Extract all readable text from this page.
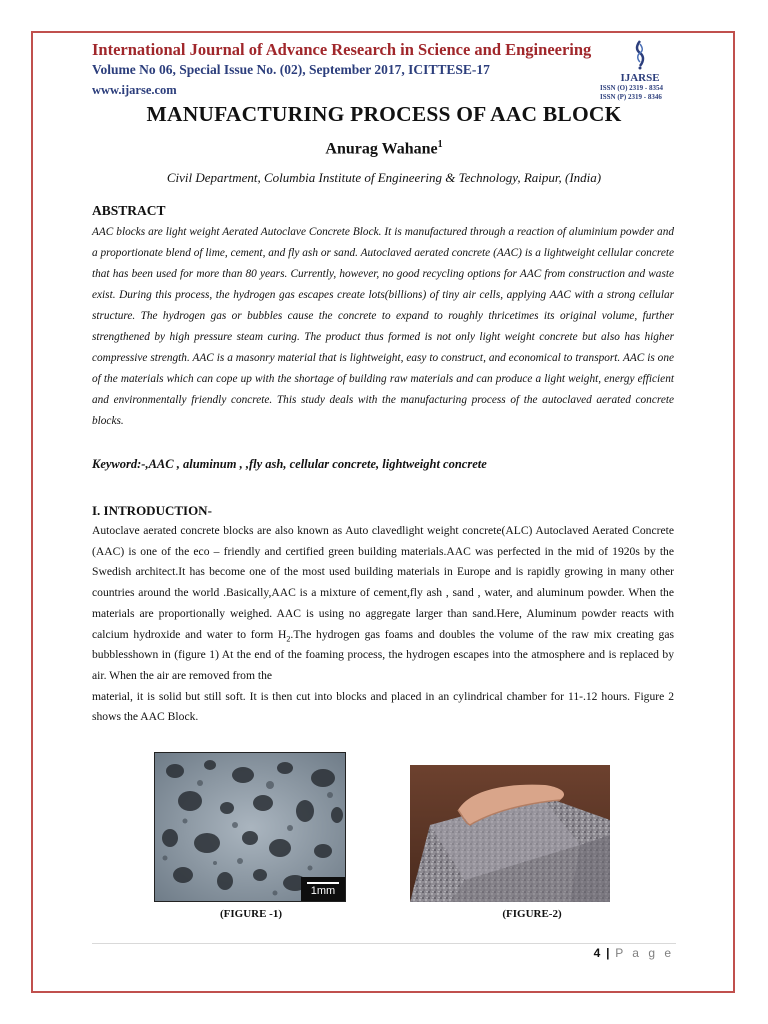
International Journal of Advance Research in Science and Engineering
Volume No 06, Special Issue No. (02), September 2017, ICITTESE-17
www.ijarse.com
IJARSE
ISSN (O) 2319 - 8354
ISSN (P) 2319 - 8346
MANUFACTURING PROCESS OF AAC BLOCK
Anurag Wahane$^1$
Civil Department, Columbia Institute of Engineering & Technology, Raipur, (India)
ABSTRACT
AAC blocks are light weight Aerated Autoclave Concrete Block. It is manufactured through a reaction of aluminium powder and a proportionate blend of lime, cement, and fly ash or sand. Autoclaved aerated concrete (AAC) is a lightweight cellular concrete that has been used for more than 80 years. Currently, however, no good recycling options for AAC from construction and waste exist. During this process, the hydrogen gas escapes create lots(billions) of tiny air cells, applying AAC with a strong cellular structure. The hydrogen gas or bubbles cause the concrete to expand to roughly thricetimes its original volume, further strengthened by high pressure steam curing. The product thus formed is not only light weight concrete but also has higher compressive strength. AAC is a masonry material that is lightweight, easy to construct, and economical to transport. AAC is one of the materials which can cope up with the shortage of building raw materials and can produce a light weight, energy efficient and environmentally friendly concrete. This study deals with the manufacturing process of the autoclaved aerated concrete blocks.
Keyword:-,AAC , aluminum , ,fly ash, cellular concrete, lightweight concrete
I. INTRODUCTION-
Autoclave aerated concrete blocks are also known as Auto clavedlight weight concrete(ALC) Autoclaved Aerated Concrete (AAC) is one of the eco – friendly and certified green building materials.AAC was perfected in the mid of 1920s by the Swedish architect.It has become one of the most used building materials in Europe and is rapidly growing in many other countries around the world .Basically,AAC is a mixture of cement,fly ash , sand , water, and aluminum powder. When the materials are proportionally weighed. AAC is using no aggregate larger than sand.Here, Aluminum powder reacts with calcium hydroxide and water to form $H_2.The$ hydrogen gas foams and doubles the volume of the raw mix creating gas bubblesshown in (figure 1) At the end of the foaming process, the hydrogen escapes into the atmosphere and is replaced by air. When the air are removed from the
material, it is solid but still soft. It is then cut into blocks and placed in an cylindrical chamber for 11-.12 hours. Figure 2 shows the AAC Block.
1mm
(FIGURE -1)	(FIGURE-2)
4 | P a g e
